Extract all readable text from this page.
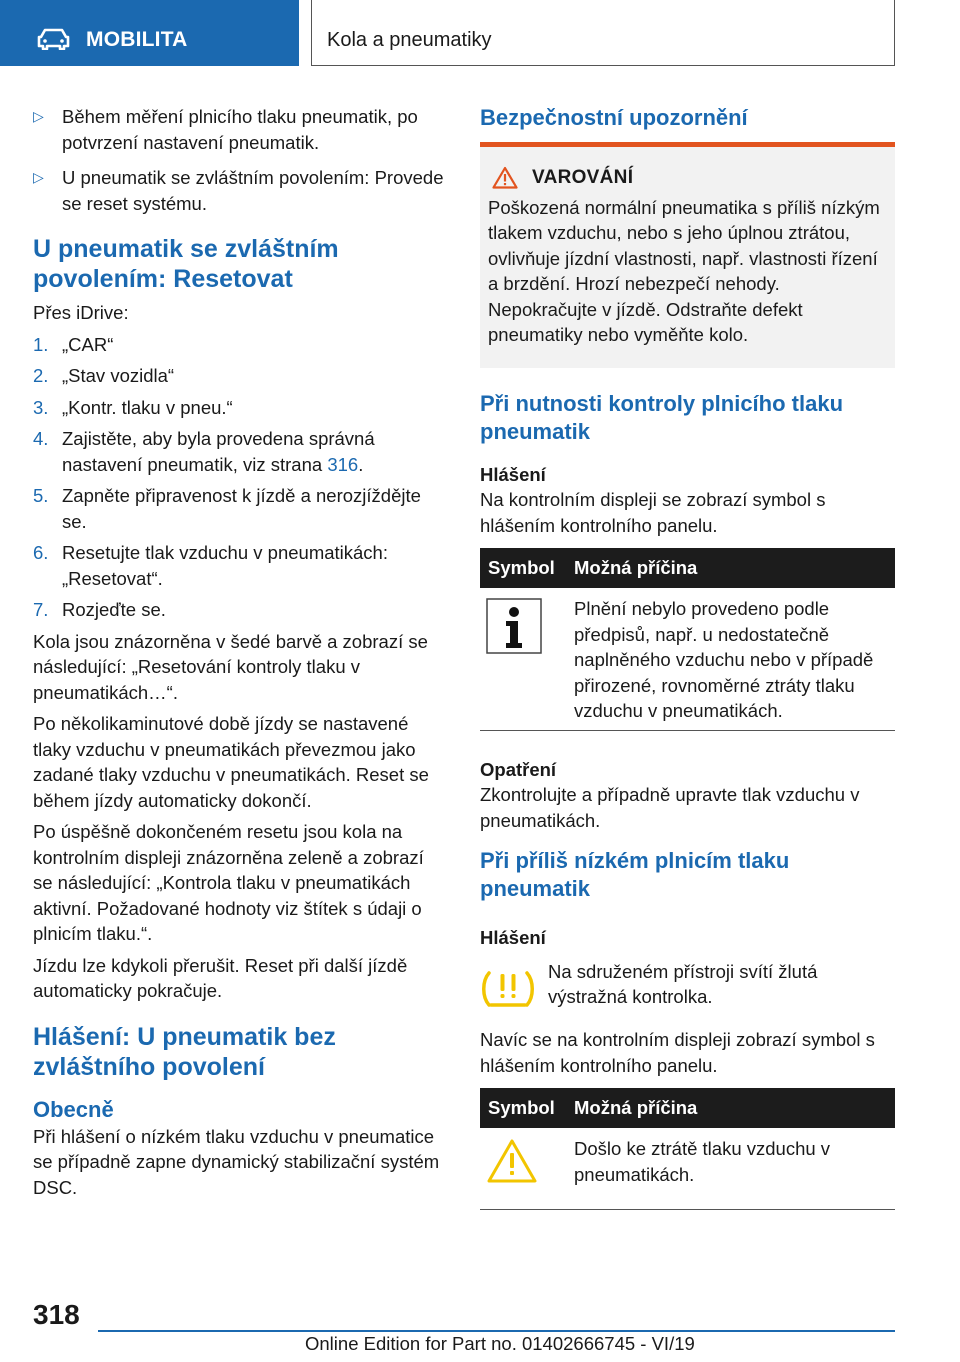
MOBILITA	Kola a pneumatiky
▷ Během měření plnicího tlaku pneumatik, po potvrzení nastavení pneumatik.
▷ U pneumatik se zvláštním povolením: Provede se reset systému.
U pneumatik se zvláštním povolením: Resetovat
Přes iDrive:
1. „CAR“
2. „Stav vozidla“
3. „Kontr. tlaku v pneu.“
4. Zajistěte, aby byla provedena správná nastavení pneumatik, viz strana 316.
5. Zapněte připravenost k jízdě a nerozjíždějte se.
6. Resetujte tlak vzduchu v pneumatikách: „Resetovat“.
7. Rozjeďte se.
Kola jsou znázorněna v šedé barvě a zobrazí se následující: „Resetování kontroly tlaku v pneumatikách…“.
Po několikaminutové době jízdy se nastavené tlaky vzduchu v pneumatikách převezmou jako zadané tlaky vzduchu v pneumatikách. Reset se během jízdy automaticky dokončí.
Po úspěšně dokončeném resetu jsou kola na kontrolním displeji znázorněna zeleně a zobrazí se následující: „Kontrola tlaku v pneumatikách aktivní. Požadované hodnoty viz štítek s údaji o plnicím tlaku.“.
Jízdu lze kdykoli přerušit. Reset při další jízdě automaticky pokračuje.
Hlášení: U pneumatik bez zvláštního povolení
Obecně
Při hlášení o nízkém tlaku vzduchu v pneumatice se případně zapne dynamický stabilizační systém DSC.
Bezpečnostní upozornění
VAROVÁNÍ
Poškozená normální pneumatika s příliš nízkým tlakem vzduchu, nebo s jeho úplnou ztrátou, ovlivňuje jízdní vlastnosti, např. vlastnosti řízení a brzdění. Hrozí nebezpečí nehody. Nepokračujte v jízdě. Odstraňte defekt pneumatiky nebo vyměňte kolo.
Při nutnosti kontroly plnicího tlaku pneumatik
Hlášení
Na kontrolním displeji se zobrazí symbol s hlášením kontrolního panelu.
Symbol	Možná příčina
Plnění nebylo provedeno podle předpisů, např. u nedostatečně naplněného vzduchu nebo v případě přirozené, rovnoměrné ztráty tlaku vzduchu v pneumatikách.
Opatření
Zkontrolujte a případně upravte tlak vzduchu v pneumatikách.
Při příliš nízkém plnicím tlaku pneumatik
Hlášení
Na sdruženém přístroji svítí žlutá výstražná kontrolka.
Navíc se na kontrolním displeji zobrazí symbol s hlášením kontrolního panelu.
Symbol	Možná příčina
Došlo ke ztrátě tlaku vzduchu v pneumatikách.
318
Online Edition for Part no. 01402666745 - VI/19
